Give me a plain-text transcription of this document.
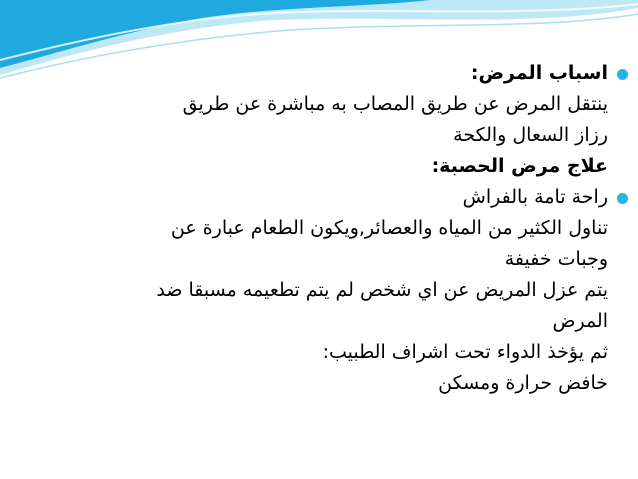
اسباب المرض:

ينتقل المرض عن طريق المصاب به مباشرة عن طريق

رزاز السعال والكحة

علاج مرض الحصبة:

راحة تامة بالفراش

تناول الكثير من المياه والعصائر,ويكون الطعام عبارة عن

وجبات خفيفة

يتم عزل المريض عن اي شخص لم يتم تطعيمه مسبقا ضد

المرض

ثم يؤخذ الدواء تحت اشراف الطبيب:

خافض حرارة ومسكن
